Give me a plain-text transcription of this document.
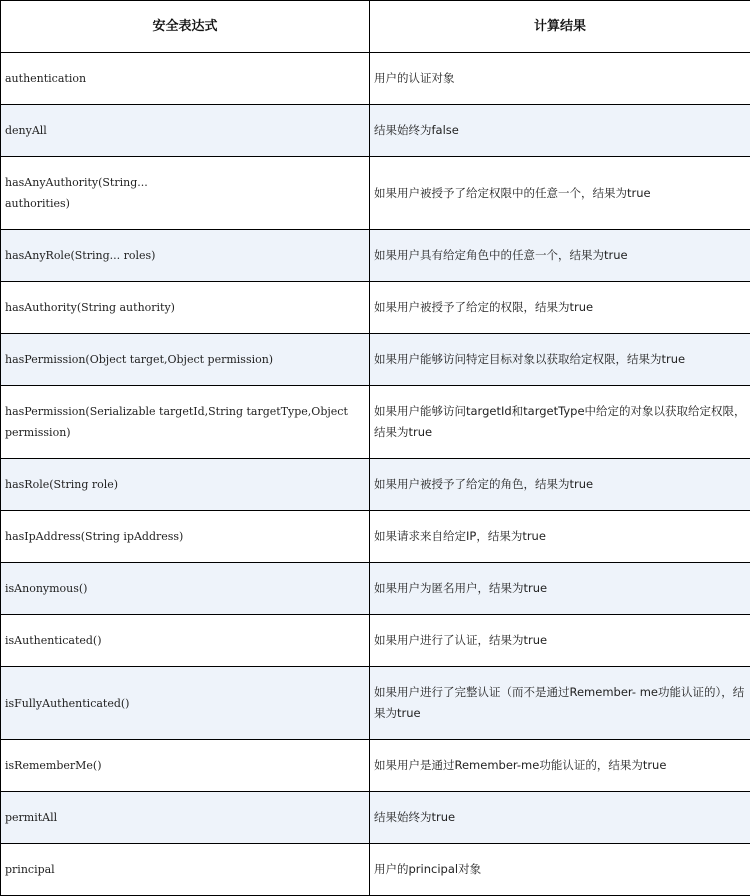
安全表达式	计算结果
authentication	用户的认证对象
denyAll	结果始终为false
hasAnyAuthority(String... authorities)	如果用户被授予了给定权限中的任意一个，结果为true
hasAnyRole(String... roles)	如果用户具有给定角色中的任意一个，结果为true
hasAuthority(String authority)	如果用户被授予了给定的权限，结果为true
hasPermission(Object target,Object permission)	如果用户能够访问特定目标对象以获取给定权限，结果为true
hasPermission(Serializable targetId,String targetType,Object permission)	如果用户能够访问targetId和targetType中给定的对象以获取给定权限，结果为true
hasRole(String role)	如果用户被授予了给定的角色，结果为true
hasIpAddress(String ipAddress)	如果请求来自给定IP，结果为true
isAnonymous()	如果用户为匿名用户，结果为true
isAuthenticated()	如果用户进行了认证，结果为true
isFullyAuthenticated()	如果用户进行了完整认证（而不是通过Remember- me功能认证的），结果为true
isRememberMe()	如果用户是通过Remember-me功能认证的，结果为true
permitAll	结果始终为true
principal	用户的principal对象
